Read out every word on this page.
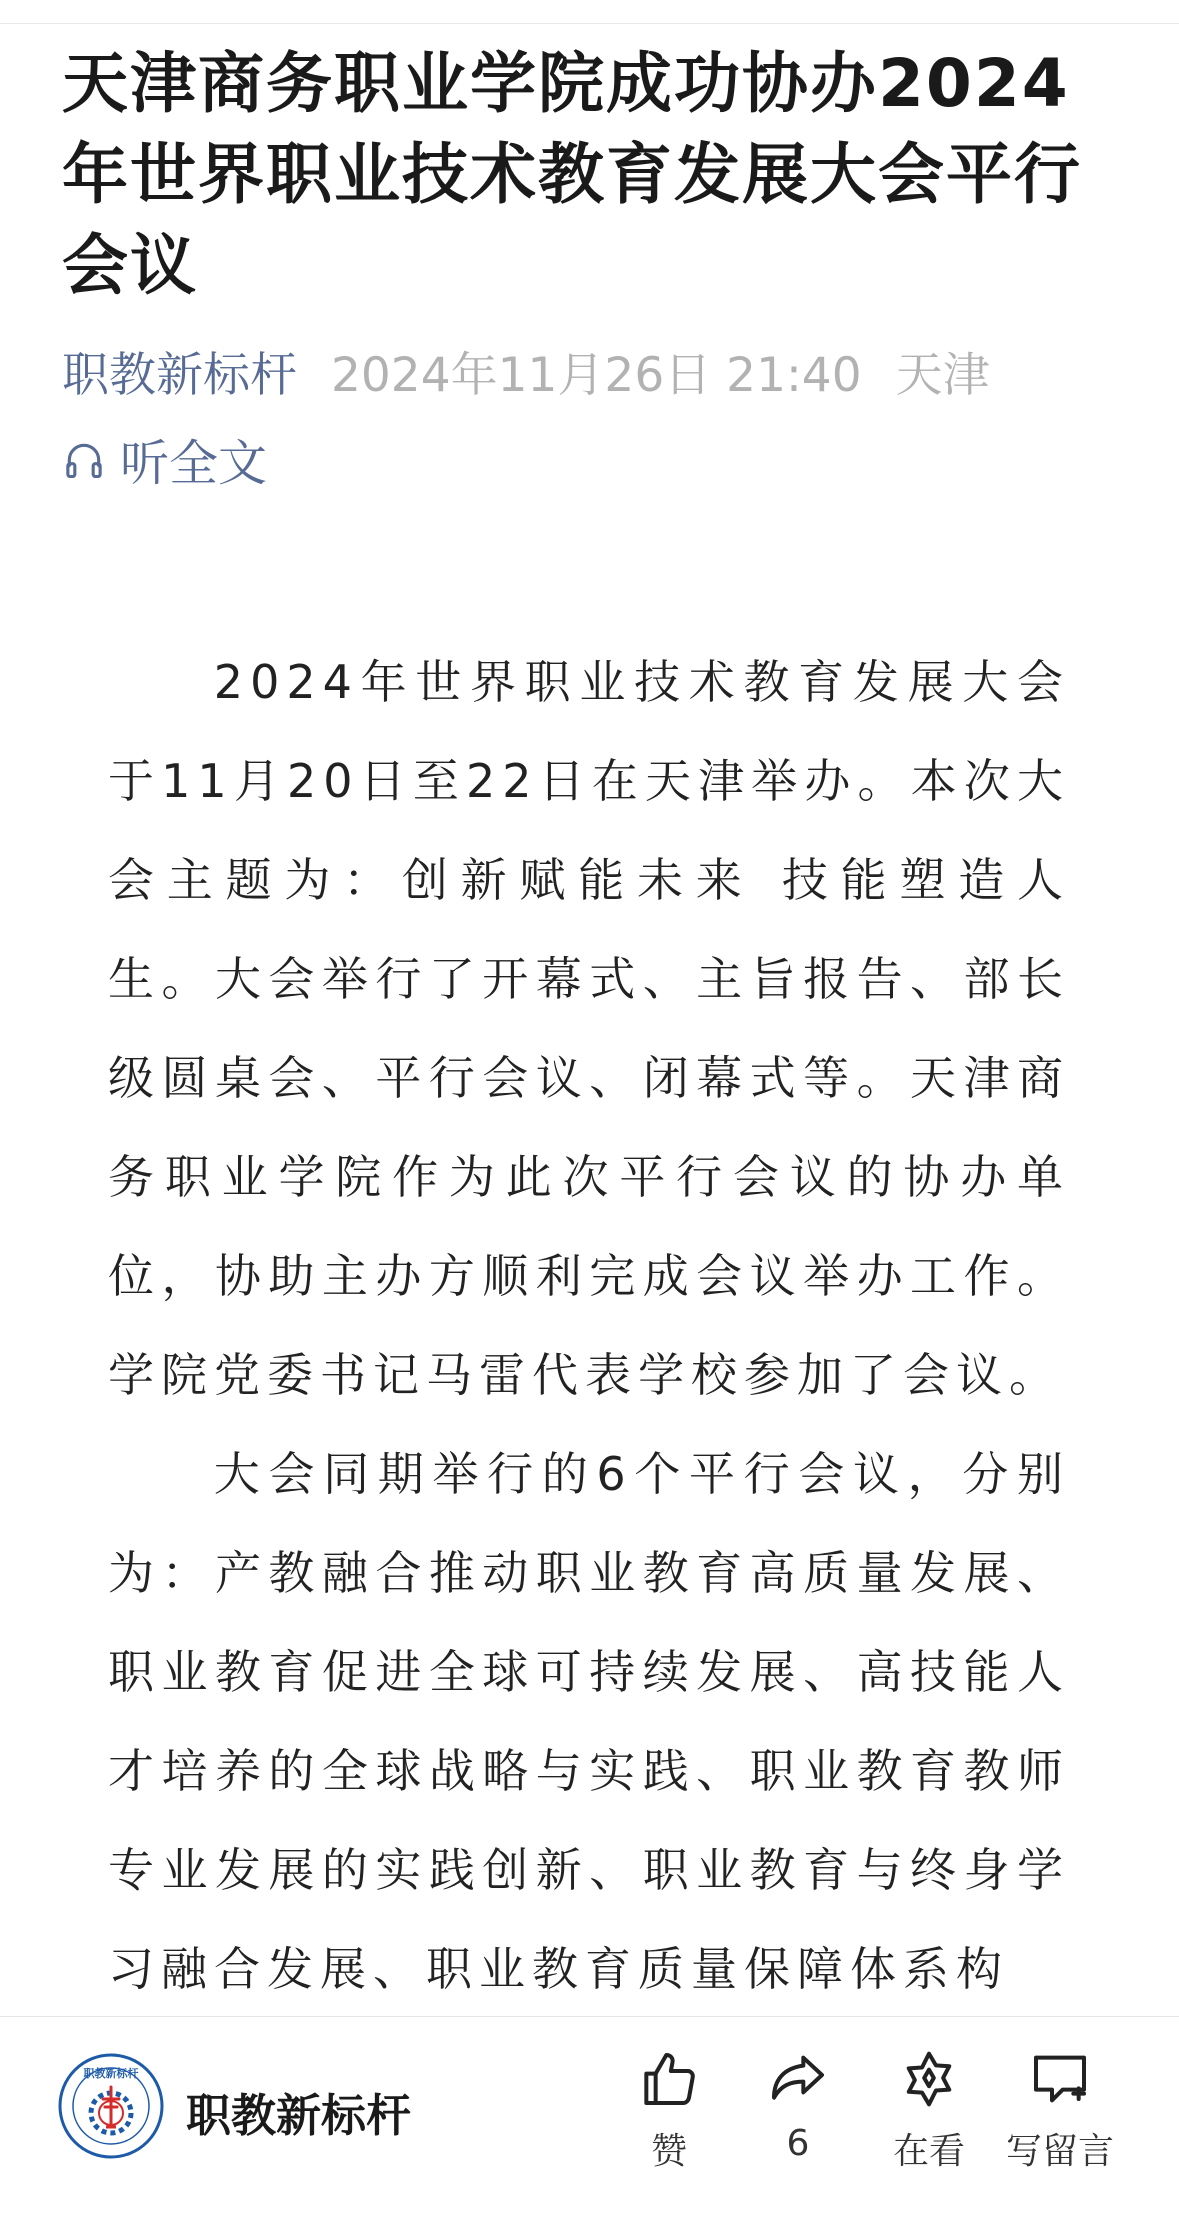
天津商务职业学院成功协办2024年世界职业技术教育发展大会平行会议
职教新标杆 2024年11月26日 21:40 天津
听全文

2024年世界职业技术教育发展大会于11月20日至22日在天津举办。本次大会主题为：创新赋能未来 技能塑造人生。大会举行了开幕式、主旨报告、部长级圆桌会、平行会议、闭幕式等。天津商务职业学院作为此次平行会议的协办单位，协助主办方顺利完成会议举办工作。学院党委书记马雷代表学校参加了会议。

大会同期举行的6个平行会议，分别为：产教融合推动职业教育高质量发展、职业教育促进全球可持续发展、高技能人才培养的全球战略与实践、职业教育教师专业发展的实践创新、职业教育与终身学习融合发展、职业教育质量保障体系构

职教新标杆
职教新标杆
赞	6	在看	写留言
